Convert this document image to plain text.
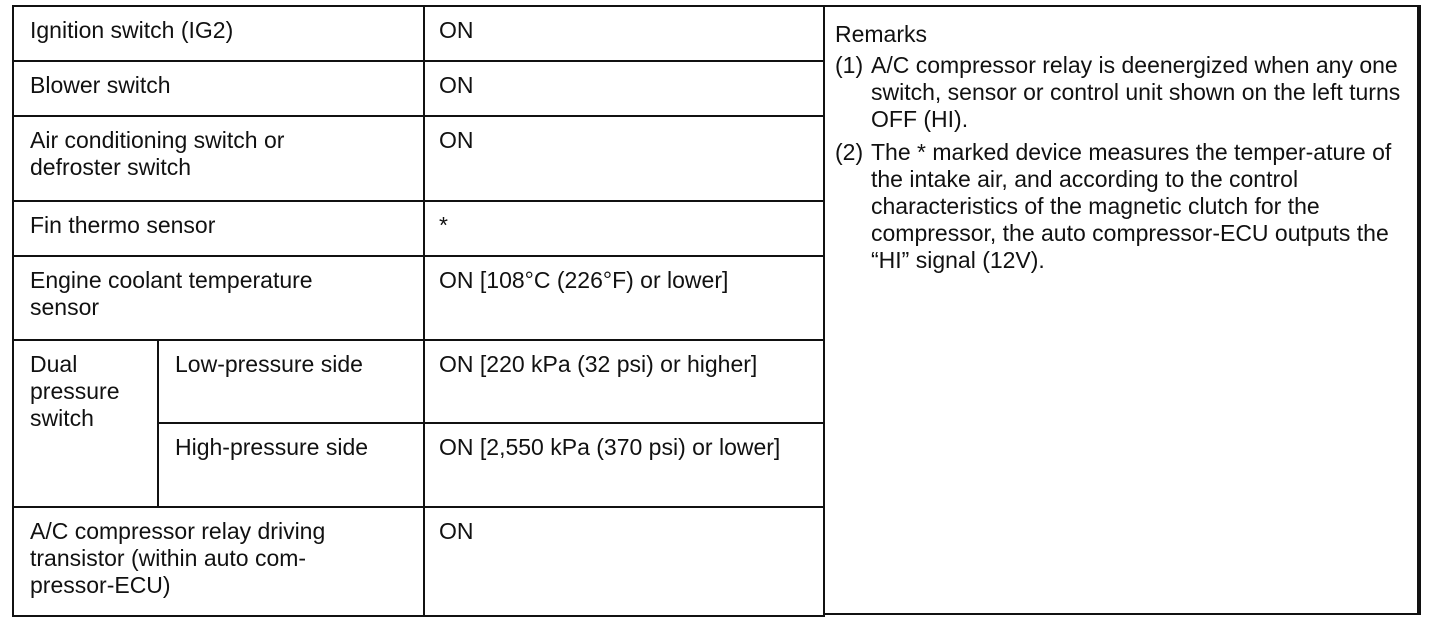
Ignition switch (IG2)		ON
Blower switch		ON

Air conditioning switch or defroster switch		ON
Fin thermo sensor		*

Engine coolant temperature sensor		ON [108°C (226°F) or lower]

Dual pressure switch	Low-pressure side	ON [220 kPa (32 psi) or higher]

	High-pressure side	ON [2,550 kPa (370 psi) or lower]

A/C compressor relay driving transistor (within auto com-pressor-ECU)		ON
Remarks
(1) A/C compressor relay is deenergized when any one switch, sensor or control unit shown on the left turns OFF (HI).
(2) The * marked device measures the temper-ature of the intake air, and according to the control characteristics of the magnetic clutch for the compressor, the auto compressor-ECU outputs the “HI” signal (12V).
